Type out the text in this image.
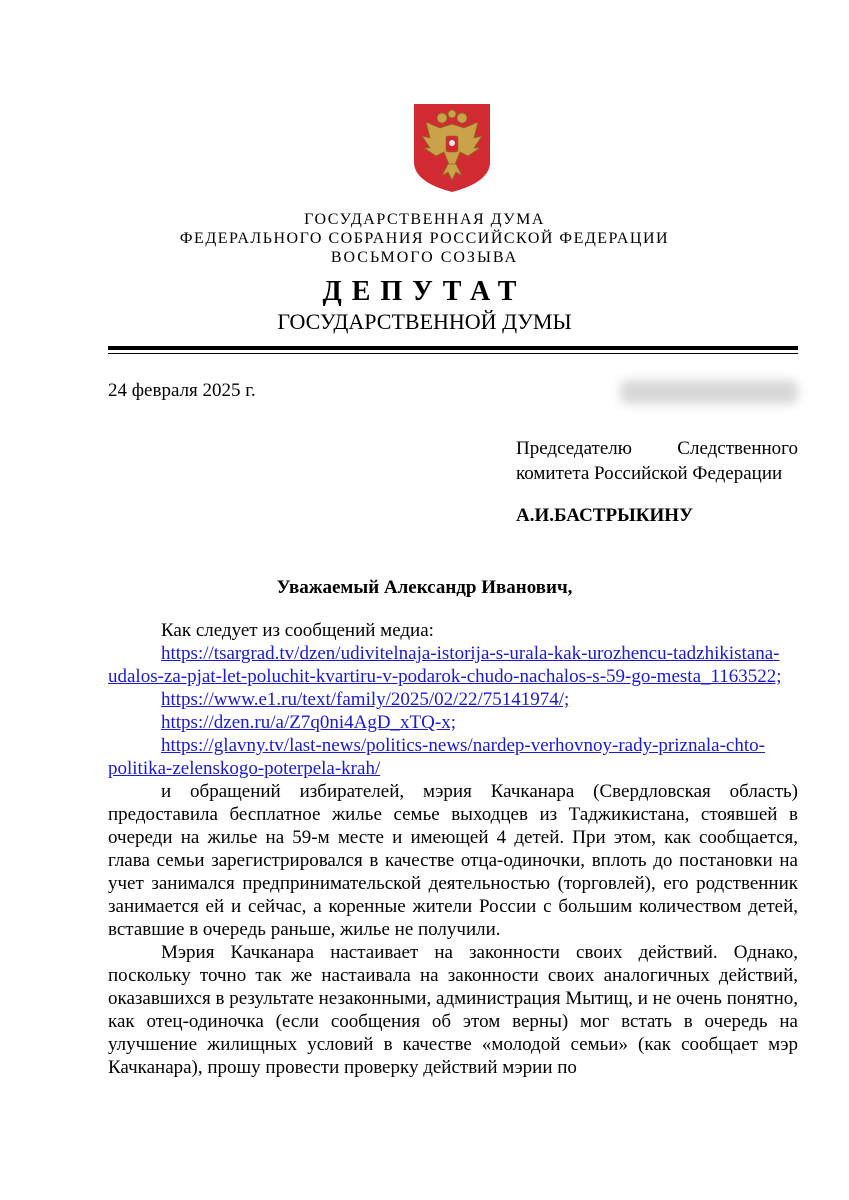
ГОСУДАРСТВЕННАЯ ДУМА
ФЕДЕРАЛЬНОГО СОБРАНИЯ РОССИЙСКОЙ ФЕДЕРАЦИИ
ВОСЬМОГО СОЗЫВА
ДЕПУТАТ
ГОСУДАРСТВЕННОЙ ДУМЫ
24 февраля 2025 г.
Председателю Следственного
комитета Российской Федерации
А.И.БАСТРЫКИНУ
Уважаемый Александр Иванович,
Как следует из сообщений медиа:
https://tsargrad.tv/dzen/udivitelnaja-istorija-s-urala-kak-urozhencu-tadzhikistana-udalos-za-pjat-let-poluchit-kvartiru-v-podarok-chudo-nachalos-s-59-go-mesta_1163522;
https://www.e1.ru/text/family/2025/02/22/75141974/;
https://dzen.ru/a/Z7q0ni4AgD_xTQ-x;
https://glavny.tv/last-news/politics-news/nardep-verhovnoy-rady-priznala-chto-politika-zelenskogo-poterpela-krah/

и обращений избирателей, мэрия Качканара (Свердловская область) предоставила бесплатное жилье семье выходцев из Таджикистана, стоявшей в очереди на жилье на 59-м месте и имеющей 4 детей. При этом, как сообщается, глава семьи зарегистрировался в качестве отца-одиночки, вплоть до постановки на учет занимался предпринимательской деятельностью (торговлей), его родственник занимается ей и сейчас, а коренные жители России с большим количеством детей, вставшие в очередь раньше, жилье не получили.

Мэрия Качканара настаивает на законности своих действий. Однако, поскольку точно так же настаивала на законности своих аналогичных действий, оказавшихся в результате незаконными, администрация Мытищ, и не очень понятно, как отец-одиночка (если сообщения об этом верны) мог встать в очередь на улучшение жилищных условий в качестве «молодой семьи» (как сообщает мэр Качканара), прошу провести проверку действий мэрии по
